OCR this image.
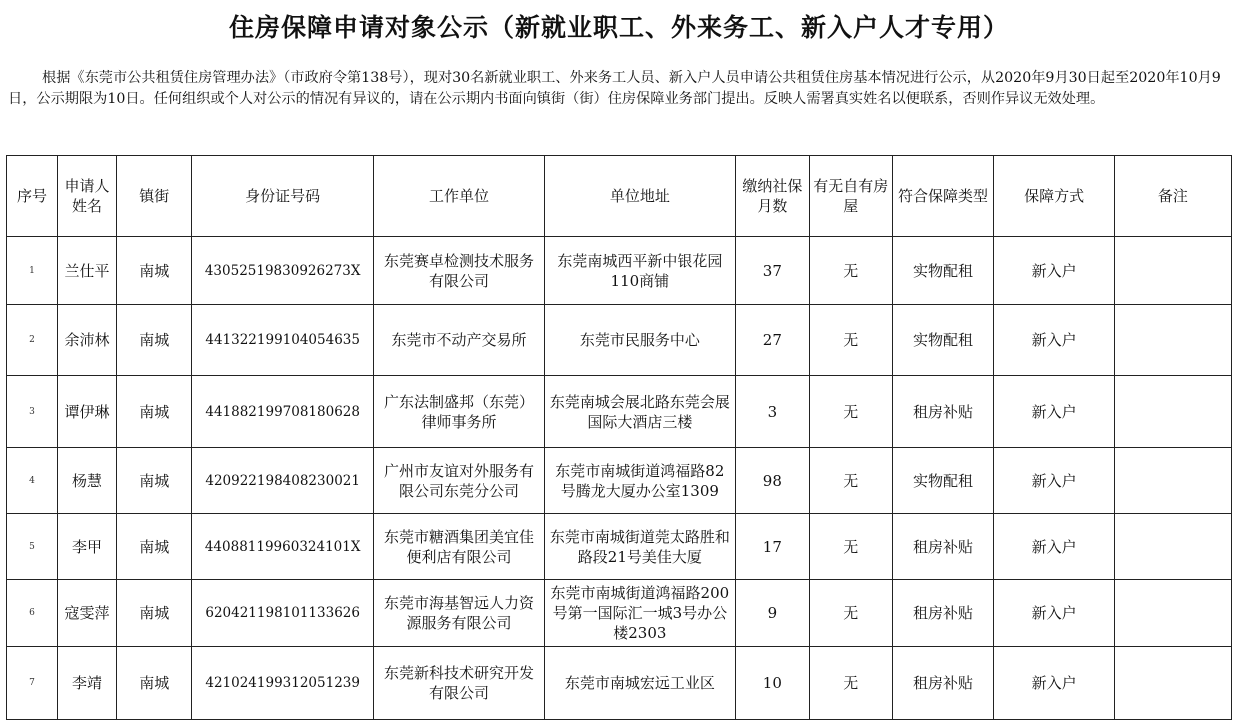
住房保障申请对象公示（新就业职工、外来务工、新入户人才专用）

根据《东莞市公共租赁住房管理办法》（市政府令第138号），现对30名新就业职工、外来务工人员、新入户人员申请公共租赁住房基本情况进行公示，从2020年9月30日起至2020年10月9日，公示期限为10日。任何组织或个人对公示的情况有异议的，请在公示期内书面向镇街（街）住房保障业务部门提出。反映人需署真实姓名以便联系，否则作异议无效处理。

序号	申请人姓名	镇街	身份证号码	工作单位	单位地址	缴纳社保月数	有无自有房屋	符合保障类型	保障方式	备注
1	兰仕平	南城	43052519830926273X	东莞赛卓检测技术服务有限公司	东莞南城西平新中银花园110商铺	37	无	实物配租	新入户	
2	余沛林	南城	441322199104054635	东莞市不动产交易所	东莞市民服务中心	27	无	实物配租	新入户	
3	谭伊琳	南城	441882199708180628	广东法制盛邦（东莞）律师事务所	东莞南城会展北路东莞会展国际大酒店三楼	3	无	租房补贴	新入户	
4	杨慧	南城	420922198408230021	广州市友谊对外服务有限公司东莞分公司	东莞市南城街道鸿福路82号腾龙大厦办公室1309	98	无	实物配租	新入户	
5	李甲	南城	44088119960324101X	东莞市糖酒集团美宜佳便利店有限公司	东莞市南城街道莞太路胜和路段21号美佳大厦	17	无	租房补贴	新入户	
6	寇雯萍	南城	620421198101133626	东莞市海基智远人力资源服务有限公司	东莞市南城街道鸿福路200号第一国际汇一城3号办公楼2303	9	无	租房补贴	新入户	
7	李靖	南城	421024199312051239	东莞新科技术研究开发有限公司	东莞市南城宏远工业区	10	无	租房补贴	新入户	
